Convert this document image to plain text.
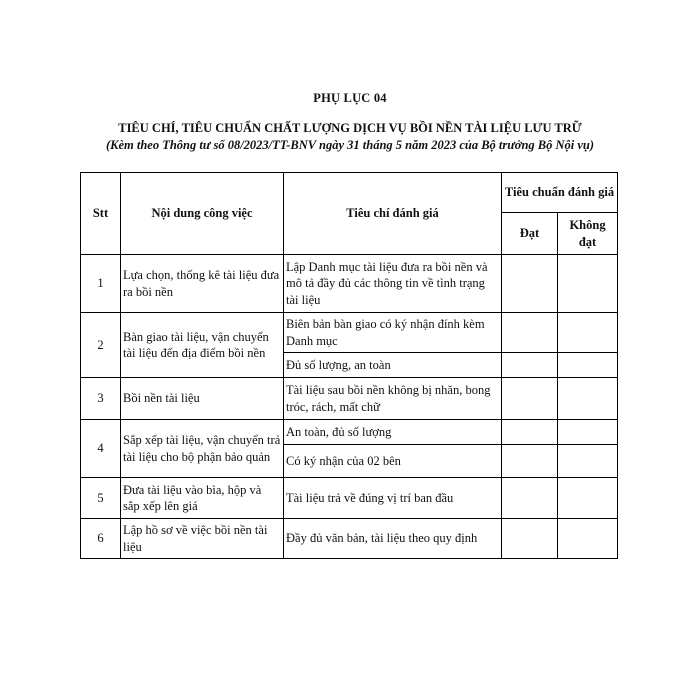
PHỤ LỤC 04

TIÊU CHÍ, TIÊU CHUẨN CHẤT LƯỢNG DỊCH VỤ BỒI NỀN TÀI LIỆU LƯU TRỮ

(Kèm theo Thông tư số 08/2023/TT-BNV ngày 31 tháng 5 năm 2023 của Bộ trưởng Bộ Nội vụ)

Stt	Nội dung công việc	Tiêu chí đánh giá	Tiêu chuẩn đánh giá	
			Đạt	Không đạt
1	Lựa chọn, thống kê tài liệu đưa ra bồi nền	Lập Danh mục tài liệu đưa ra bồi nền và mô tả đầy đủ các thông tin về tình trạng tài liệu		
2	Bàn giao tài liệu, vận chuyển tài liệu đến địa điểm bồi nền	Biên bản bàn giao có ký nhận đính kèm Danh mục		
		Đủ số lượng, an toàn		
3	Bồi nền tài liệu	Tài liệu sau bồi nền không bị nhăn, bong tróc, rách, mất chữ		
4	Sắp xếp tài liệu, vận chuyển trả tài liệu cho bộ phận bảo quản	An toàn, đủ số lượng		
		Có ký nhận của 02 bên		
5	Đưa tài liệu vào bìa, hộp và sắp xếp lên giá	Tài liệu trả về đúng vị trí ban đầu		
6	Lập hồ sơ về việc bồi nền tài liệu	Đầy đủ văn bản, tài liệu theo quy định		
